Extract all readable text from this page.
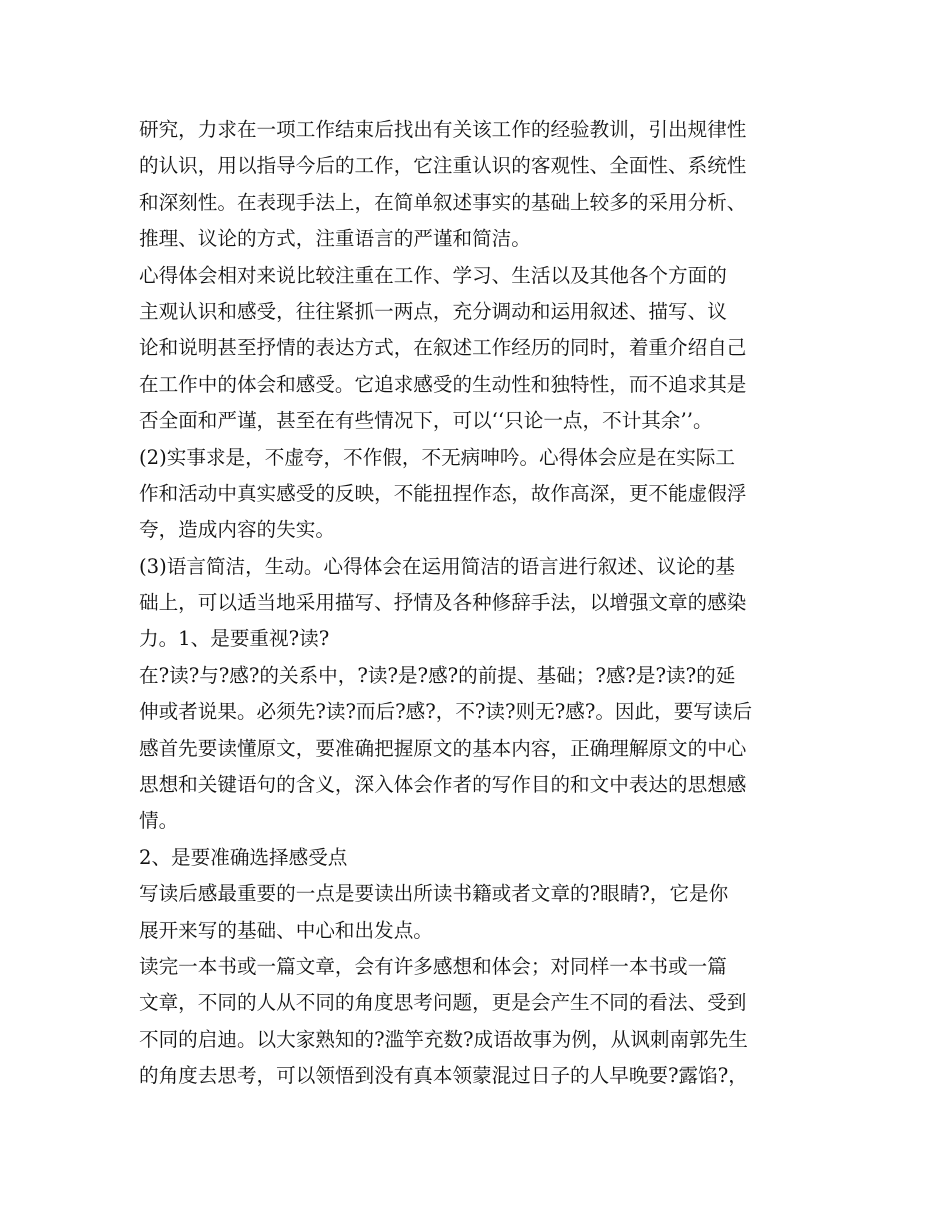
研究，力求在一项工作结束后找出有关该工作的经验教训，引出规律性
的认识，用以指导今后的工作，它注重认识的客观性、全面性、系统性
和深刻性。在表现手法上，在简单叙述事实的基础上较多的采用分析、
推理、议论的方式，注重语言的严谨和简洁。
心得体会相对来说比较注重在工作、学习、生活以及其他各个方面的
主观认识和感受，往往紧抓一两点，充分调动和运用叙述、描写、议
论和说明甚至抒情的表达方式，在叙述工作经历的同时，着重介绍自己
在工作中的体会和感受。它追求感受的生动性和独特性，而不追求其是
否全面和严谨，甚至在有些情况下，可以‘‘只论一点，不计其余’’。
(2)实事求是，不虚夸，不作假，不无病呻吟。心得体会应是在实际工
作和活动中真实感受的反映，不能扭捏作态，故作高深，更不能虚假浮
夸，造成内容的失实。
(3)语言简洁，生动。心得体会在运用简洁的语言进行叙述、议论的基
础上，可以适当地采用描写、抒情及各种修辞手法，以增强文章的感染
力。1、是要重视?读?
在?读?与?感?的关系中，?读?是?感?的前提、基础；?感?是?读?的延
伸或者说果。必须先?读?而后?感?，不?读?则无?感?。因此，要写读后
感首先要读懂原文，要准确把握原文的基本内容，正确理解原文的中心
思想和关键语句的含义，深入体会作者的写作目的和文中表达的思想感
情。
2、是要准确选择感受点
写读后感最重要的一点是要读出所读书籍或者文章的?眼睛?，它是你
展开来写的基础、中心和出发点。
读完一本书或一篇文章，会有许多感想和体会；对同样一本书或一篇
文章，不同的人从不同的角度思考问题，更是会产生不同的看法、受到
不同的启迪。以大家熟知的?滥竽充数?成语故事为例，从讽刺南郭先生
的角度去思考，可以领悟到没有真本领蒙混过日子的人早晚要?露馅?，
